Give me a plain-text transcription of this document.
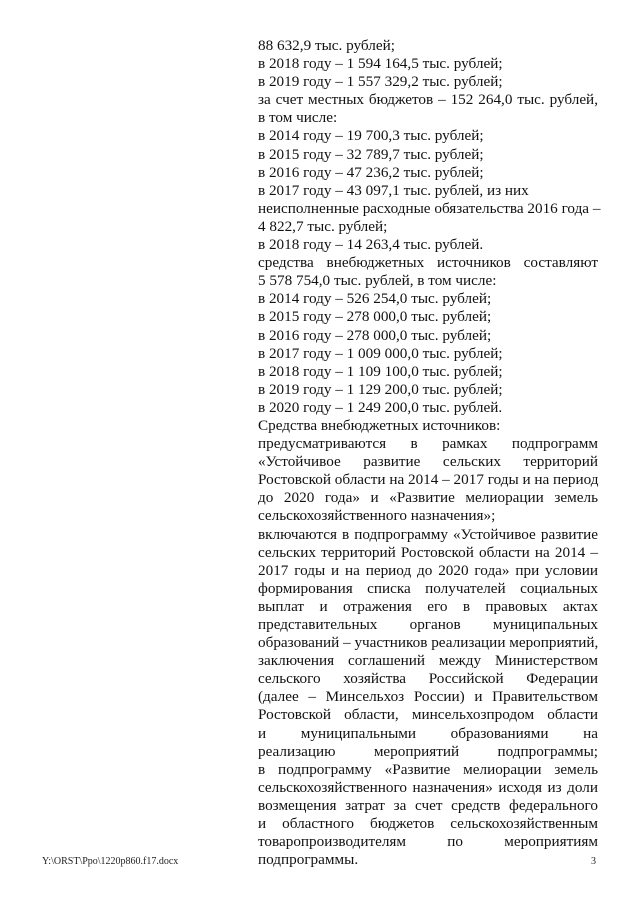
88 632,9 тыс. рублей;
в 2018 году – 1 594 164,5 тыс. рублей;
в 2019 году – 1 557 329,2 тыс. рублей;
за счет местных бюджетов – 152 264,0 тыс. рублей,
в том числе:
в 2014 году – 19 700,3 тыс. рублей;
в 2015 году – 32 789,7 тыс. рублей;
в 2016 году – 47 236,2 тыс. рублей;
в 2017 году – 43 097,1 тыс. рублей, из них
неисполненные расходные обязательства 2016 года –
4 822,7 тыс. рублей;
в 2018 году – 14 263,4 тыс. рублей.
средства внебюджетных источников составляют
5 578 754,0 тыс. рублей, в том числе:
в 2014 году – 526 254,0 тыс. рублей;
в 2015 году – 278 000,0 тыс. рублей;
в 2016 году – 278 000,0 тыс. рублей;
в 2017 году – 1 009 000,0 тыс. рублей;
в 2018 году – 1 109 100,0 тыс. рублей;
в 2019 году – 1 129 200,0 тыс. рублей;
в 2020 году – 1 249 200,0 тыс. рублей.
Средства внебюджетных источников:
предусматриваются в рамках подпрограмм
«Устойчивое развитие сельских территорий
Ростовской области на 2014 – 2017 годы и на период
до 2020 года» и «Развитие мелиорации земель
сельскохозяйственного назначения»;
включаются в подпрограмму «Устойчивое развитие
сельских территорий Ростовской области на 2014 –
2017 годы и на период до 2020 года» при условии
формирования списка получателей социальных
выплат и отражения его в правовых актах
представительных органов муниципальных
образований – участников реализации мероприятий,
заключения соглашений между Министерством
сельского хозяйства Российской Федерации
(далее – Минсельхоз России) и Правительством
Ростовской области, минсельхозпродом области
и муниципальными образованиями на
реализацию мероприятий подпрограммы;
в подпрограмму «Развитие мелиорации земель
сельскохозяйственного назначения» исходя из доли
возмещения затрат за счет средств федерального
и областного бюджетов сельскохозяйственным
товаропроизводителям по мероприятиям
подпрограммы.
Y:\ORST\Ppo\1220p860.f17.docx	3
